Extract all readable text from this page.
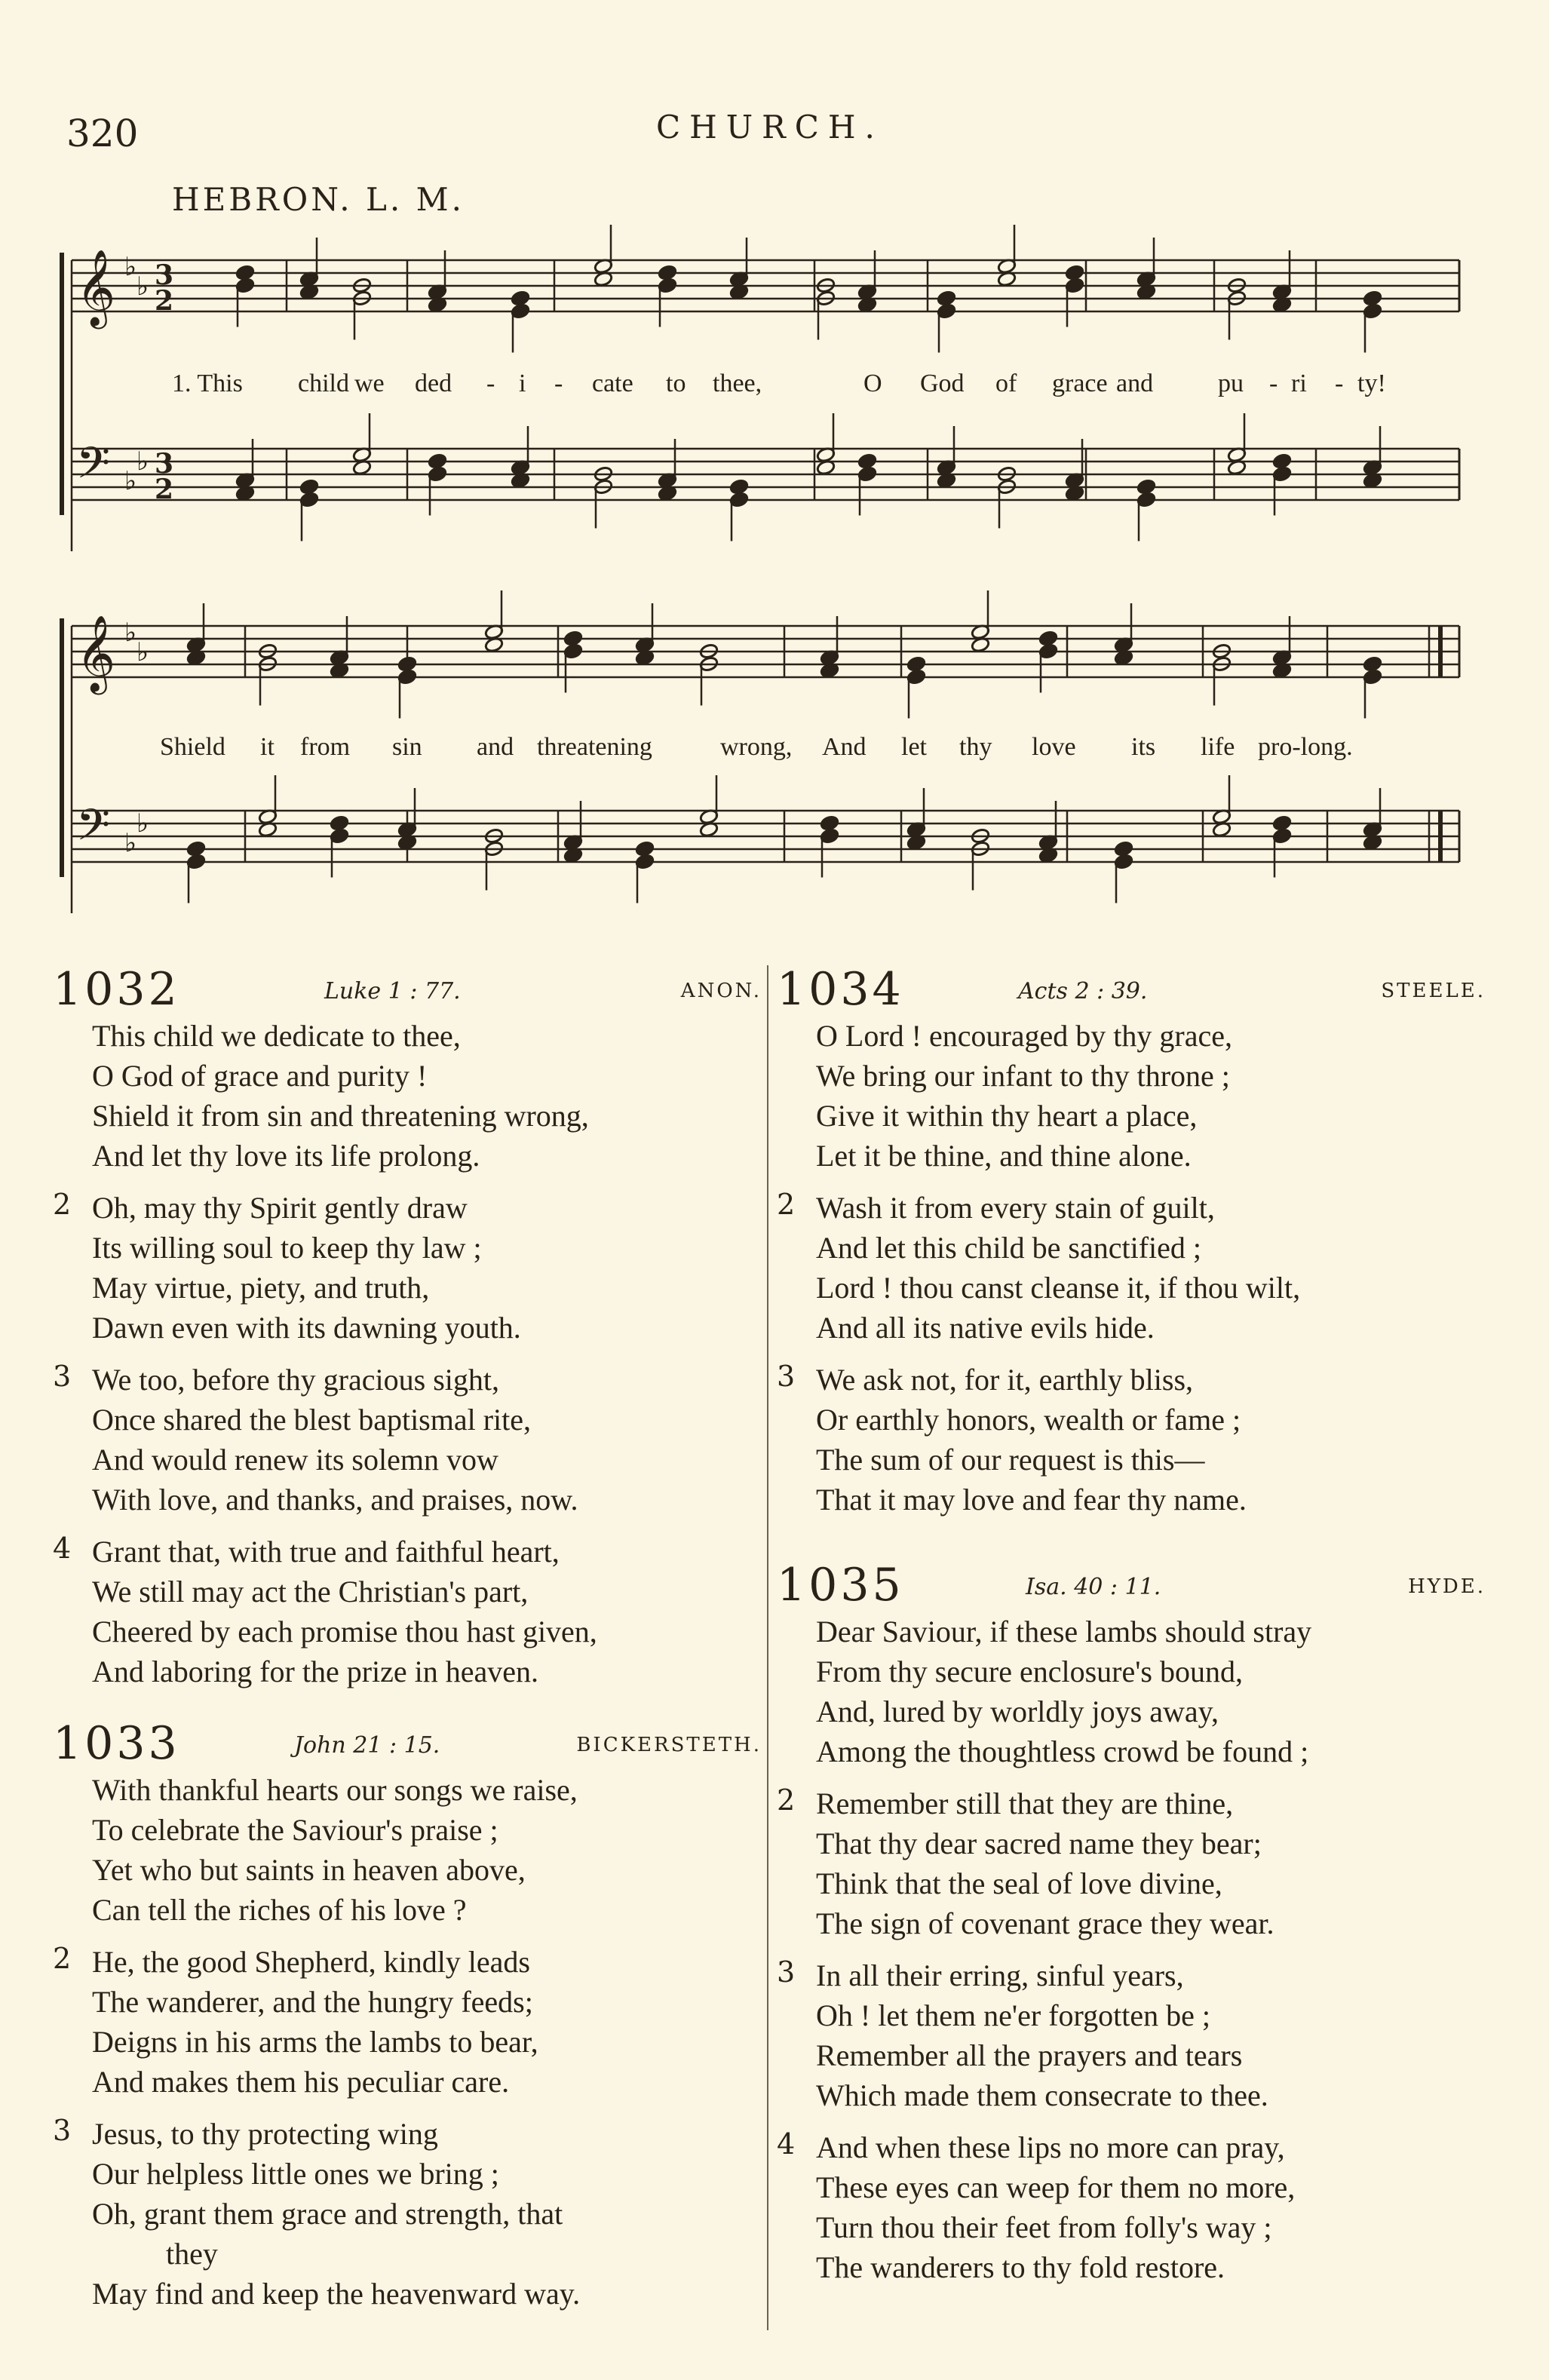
320	CHURCH.
HEBRON. L. M.
𝄞 ♭
♭ 3
2
𝄢 ♭
♭ 3
2
𝄞 ♭
♭
𝄢 ♭
♭
1. This child we ded - i - cate to thee,	O God of grace and	pu - ri - ty!
Shield it from sin and threatening	wrong, And let thy love its life pro-long.
1032	Luke 1 : 77.	ANON.
This child we dedicate to thee,
O God of grace and purity !
Shield it from sin and threatening wrong,
And let thy love its life prolong.
2 Oh, may thy Spirit gently draw
Its willing soul to keep thy law ;
May virtue, piety, and truth,
Dawn even with its dawning youth.
3 We too, before thy gracious sight,
Once shared the blest baptismal rite,
And would renew its solemn vow
With love, and thanks, and praises, now.
4 Grant that, with true and faithful heart,
We still may act the Christian's part,
Cheered by each promise thou hast given,
And laboring for the prize in heaven.
1033	John 21 : 15.	BICKERSTETH.
With thankful hearts our songs we raise,
To celebrate the Saviour's praise ;
Yet who but saints in heaven above,
Can tell the riches of his love ?
2 He, the good Shepherd, kindly leads
The wanderer, and the hungry feeds;
Deigns in his arms the lambs to bear,
And makes them his peculiar care.
3 Jesus, to thy protecting wing
Our helpless little ones we bring ;
Oh, grant them grace and strength, that
they
May find and keep the heavenward way.
1034	Acts 2 : 39.	STEELE.
O Lord ! encouraged by thy grace,
We bring our infant to thy throne ;
Give it within thy heart a place,
Let it be thine, and thine alone.
2 Wash it from every stain of guilt,
And let this child be sanctified ;
Lord ! thou canst cleanse it, if thou wilt,
And all its native evils hide.
3 We ask not, for it, earthly bliss,
Or earthly honors, wealth or fame ;
The sum of our request is this—
That it may love and fear thy name.
1035	Isa. 40 : 11.	HYDE.
Dear Saviour, if these lambs should stray
From thy secure enclosure's bound,
And, lured by worldly joys away,
Among the thoughtless crowd be found ;
2 Remember still that they are thine,
That thy dear sacred name they bear;
Think that the seal of love divine,
The sign of covenant grace they wear.
3 In all their erring, sinful years,
Oh ! let them ne'er forgotten be ;
Remember all the prayers and tears
Which made them consecrate to thee.
4 And when these lips no more can pray,
These eyes can weep for them no more,
Turn thou their feet from folly's way ;
The wanderers to thy fold restore.
